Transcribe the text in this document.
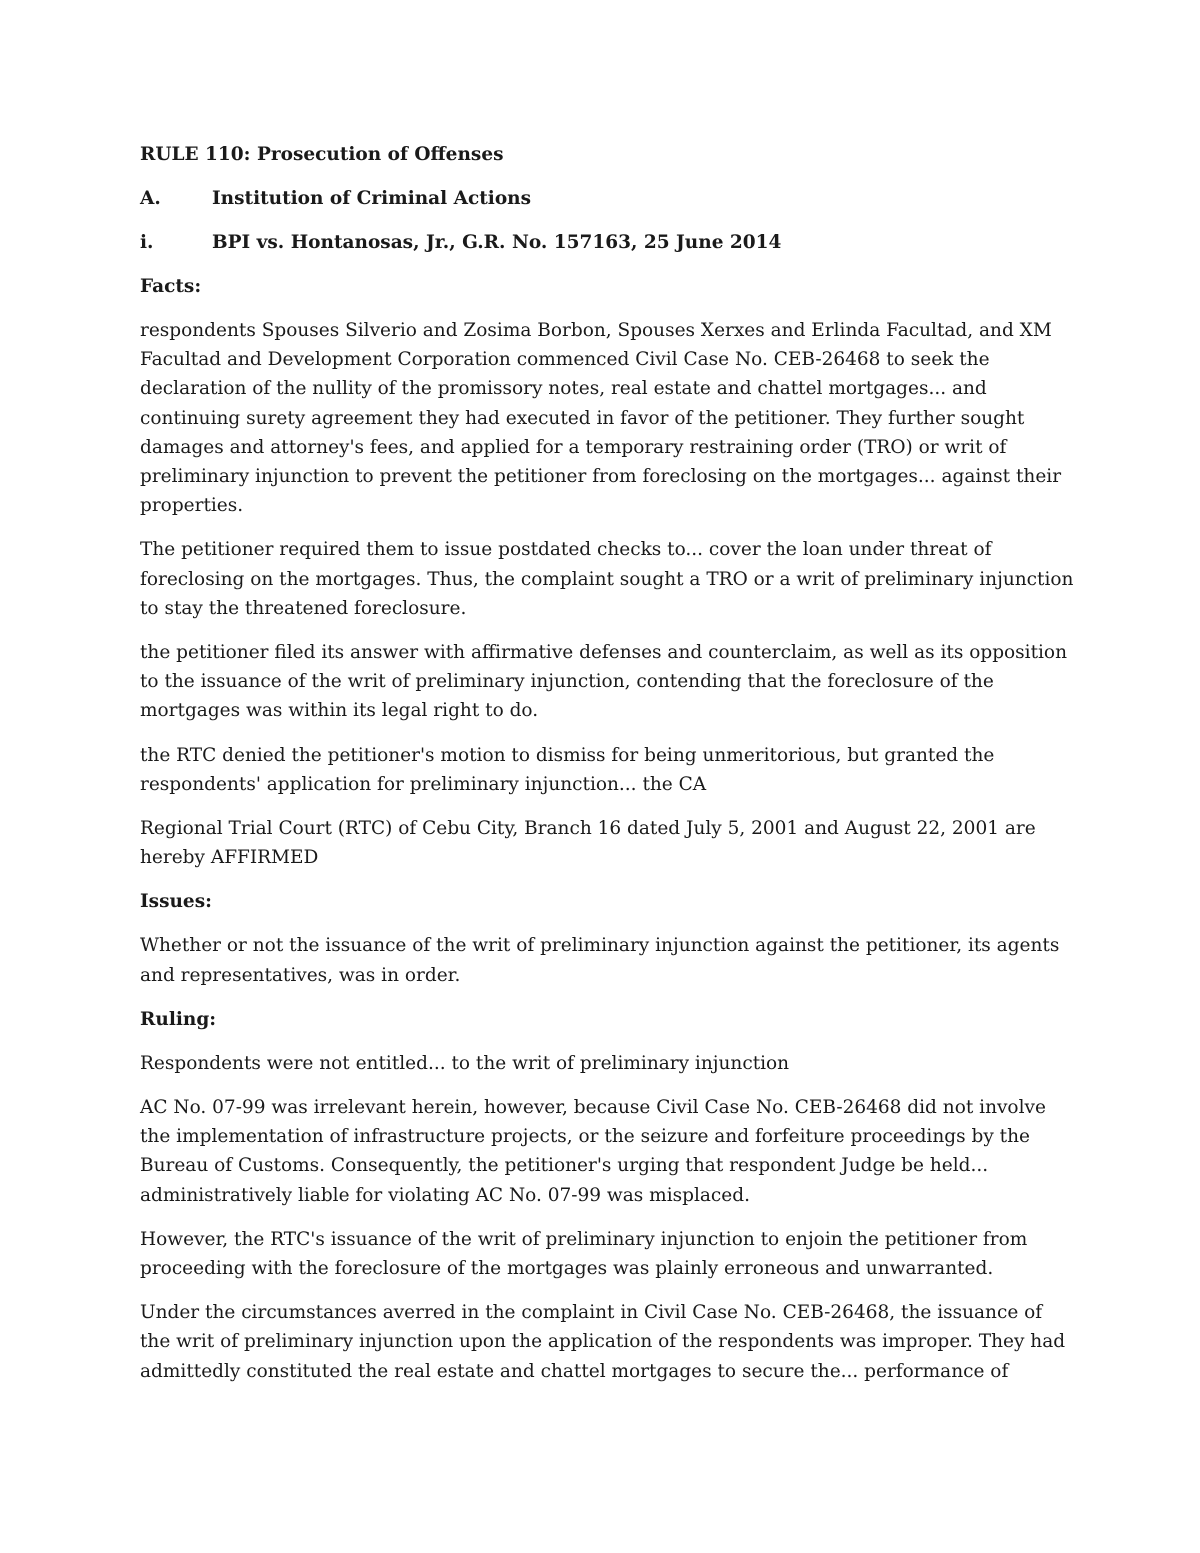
RULE 110: Prosecution of Offenses
A.	Institution of Criminal Actions
i.	BPI vs. Hontanosas, Jr., G.R. No. 157163, 25 June 2014
Facts:

respondents Spouses Silverio and Zosima Borbon, Spouses Xerxes and Erlinda Facultad, and XM Facultad and Development Corporation commenced Civil Case No. CEB-26468 to seek the declaration of the nullity of the promissory notes, real estate and chattel mortgages... and continuing surety agreement they had executed in favor of the petitioner. They further sought damages and attorney's fees, and applied for a temporary restraining order (TRO) or writ of preliminary injunction to prevent the petitioner from foreclosing on the mortgages... against their properties.

The petitioner required them to issue postdated checks to... cover the loan under threat of foreclosing on the mortgages. Thus, the complaint sought a TRO or a writ of preliminary injunction to stay the threatened foreclosure.

the petitioner filed its answer with affirmative defenses and counterclaim, as well as its opposition to the issuance of the writ of preliminary injunction, contending that the foreclosure of the mortgages was within its legal right to do.

the RTC denied the petitioner's motion to dismiss for being unmeritorious, but granted the respondents' application for preliminary injunction... the CA

Regional Trial Court (RTC) of Cebu City, Branch 16 dated July 5, 2001 and August 22, 2001 are hereby AFFIRMED

Issues:

Whether or not the issuance of the writ of preliminary injunction against the petitioner, its agents and representatives, was in order.

Ruling:

Respondents were not entitled... to the writ of preliminary injunction

AC No. 07-99 was irrelevant herein, however, because Civil Case No. CEB-26468 did not involve the implementation of infrastructure projects, or the seizure and forfeiture proceedings by the Bureau of Customs. Consequently, the petitioner's urging that respondent Judge be held... administratively liable for violating AC No. 07-99 was misplaced.

However, the RTC's issuance of the writ of preliminary injunction to enjoin the petitioner from proceeding with the foreclosure of the mortgages was plainly erroneous and unwarranted.

Under the circumstances averred in the complaint in Civil Case No. CEB-26468, the issuance of the writ of preliminary injunction upon the application of the respondents was improper. They had admittedly constituted the real estate and chattel mortgages to secure the... performance of
